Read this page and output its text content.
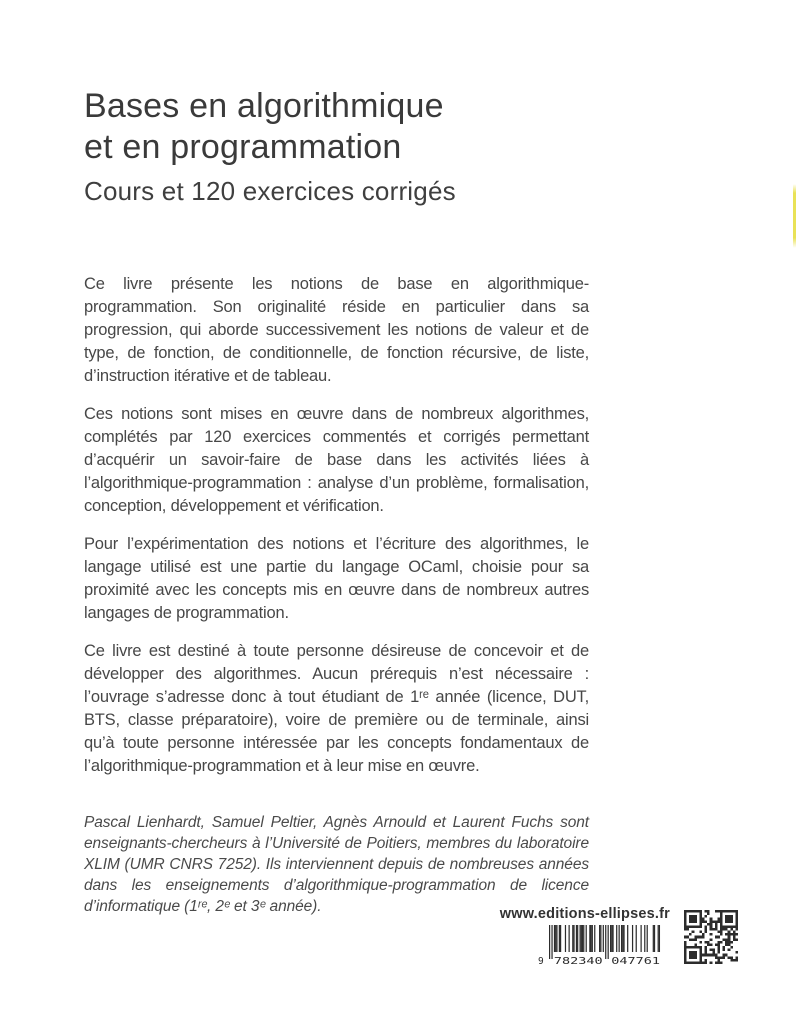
Bases en algorithmique
et en programmation
Cours et 120 exercices corrigés

Ce livre présente les notions de base en algorithmique-programmation. Son originalité réside en particulier dans sa progression, qui aborde successivement les notions de valeur et de type, de fonction, de conditionnelle, de fonction récursive, de liste, d’instruction itérative et de tableau.

Ces notions sont mises en œuvre dans de nombreux algorithmes, complétés par 120 exercices commentés et corrigés permettant d’acquérir un savoir-faire de base dans les activités liées à l’algorithmique-programmation : analyse d’un problème, formalisation, conception, développement et vérification.

Pour l’expérimentation des notions et l’écriture des algorithmes, le langage utilisé est une partie du langage OCaml, choisie pour sa proximité avec les concepts mis en œuvre dans de nombreux autres langages de programmation.

Ce livre est destiné à toute personne désireuse de concevoir et de développer des algorithmes. Aucun prérequis n’est nécessaire : l’ouvrage s’adresse donc à tout étudiant de 1ʳᵉ année (licence, DUT, BTS, classe préparatoire), voire de première ou de terminale, ainsi qu’à toute personne intéressée par les concepts fondamentaux de l’algorithmique-programmation et à leur mise en œuvre.

Pascal Lienhardt, Samuel Peltier, Agnès Arnould et Laurent Fuchs sont enseignants-chercheurs à l’Université de Poitiers, membres du laboratoire XLIM (UMR CNRS 7252). Ils interviennent depuis de nombreuses années dans les enseignements d’algorithmique-programmation de licence d’informatique (1ʳᵉ, 2ᵉ et 3ᵉ année).	www.editions-ellipses.fr
9 782340 047761
